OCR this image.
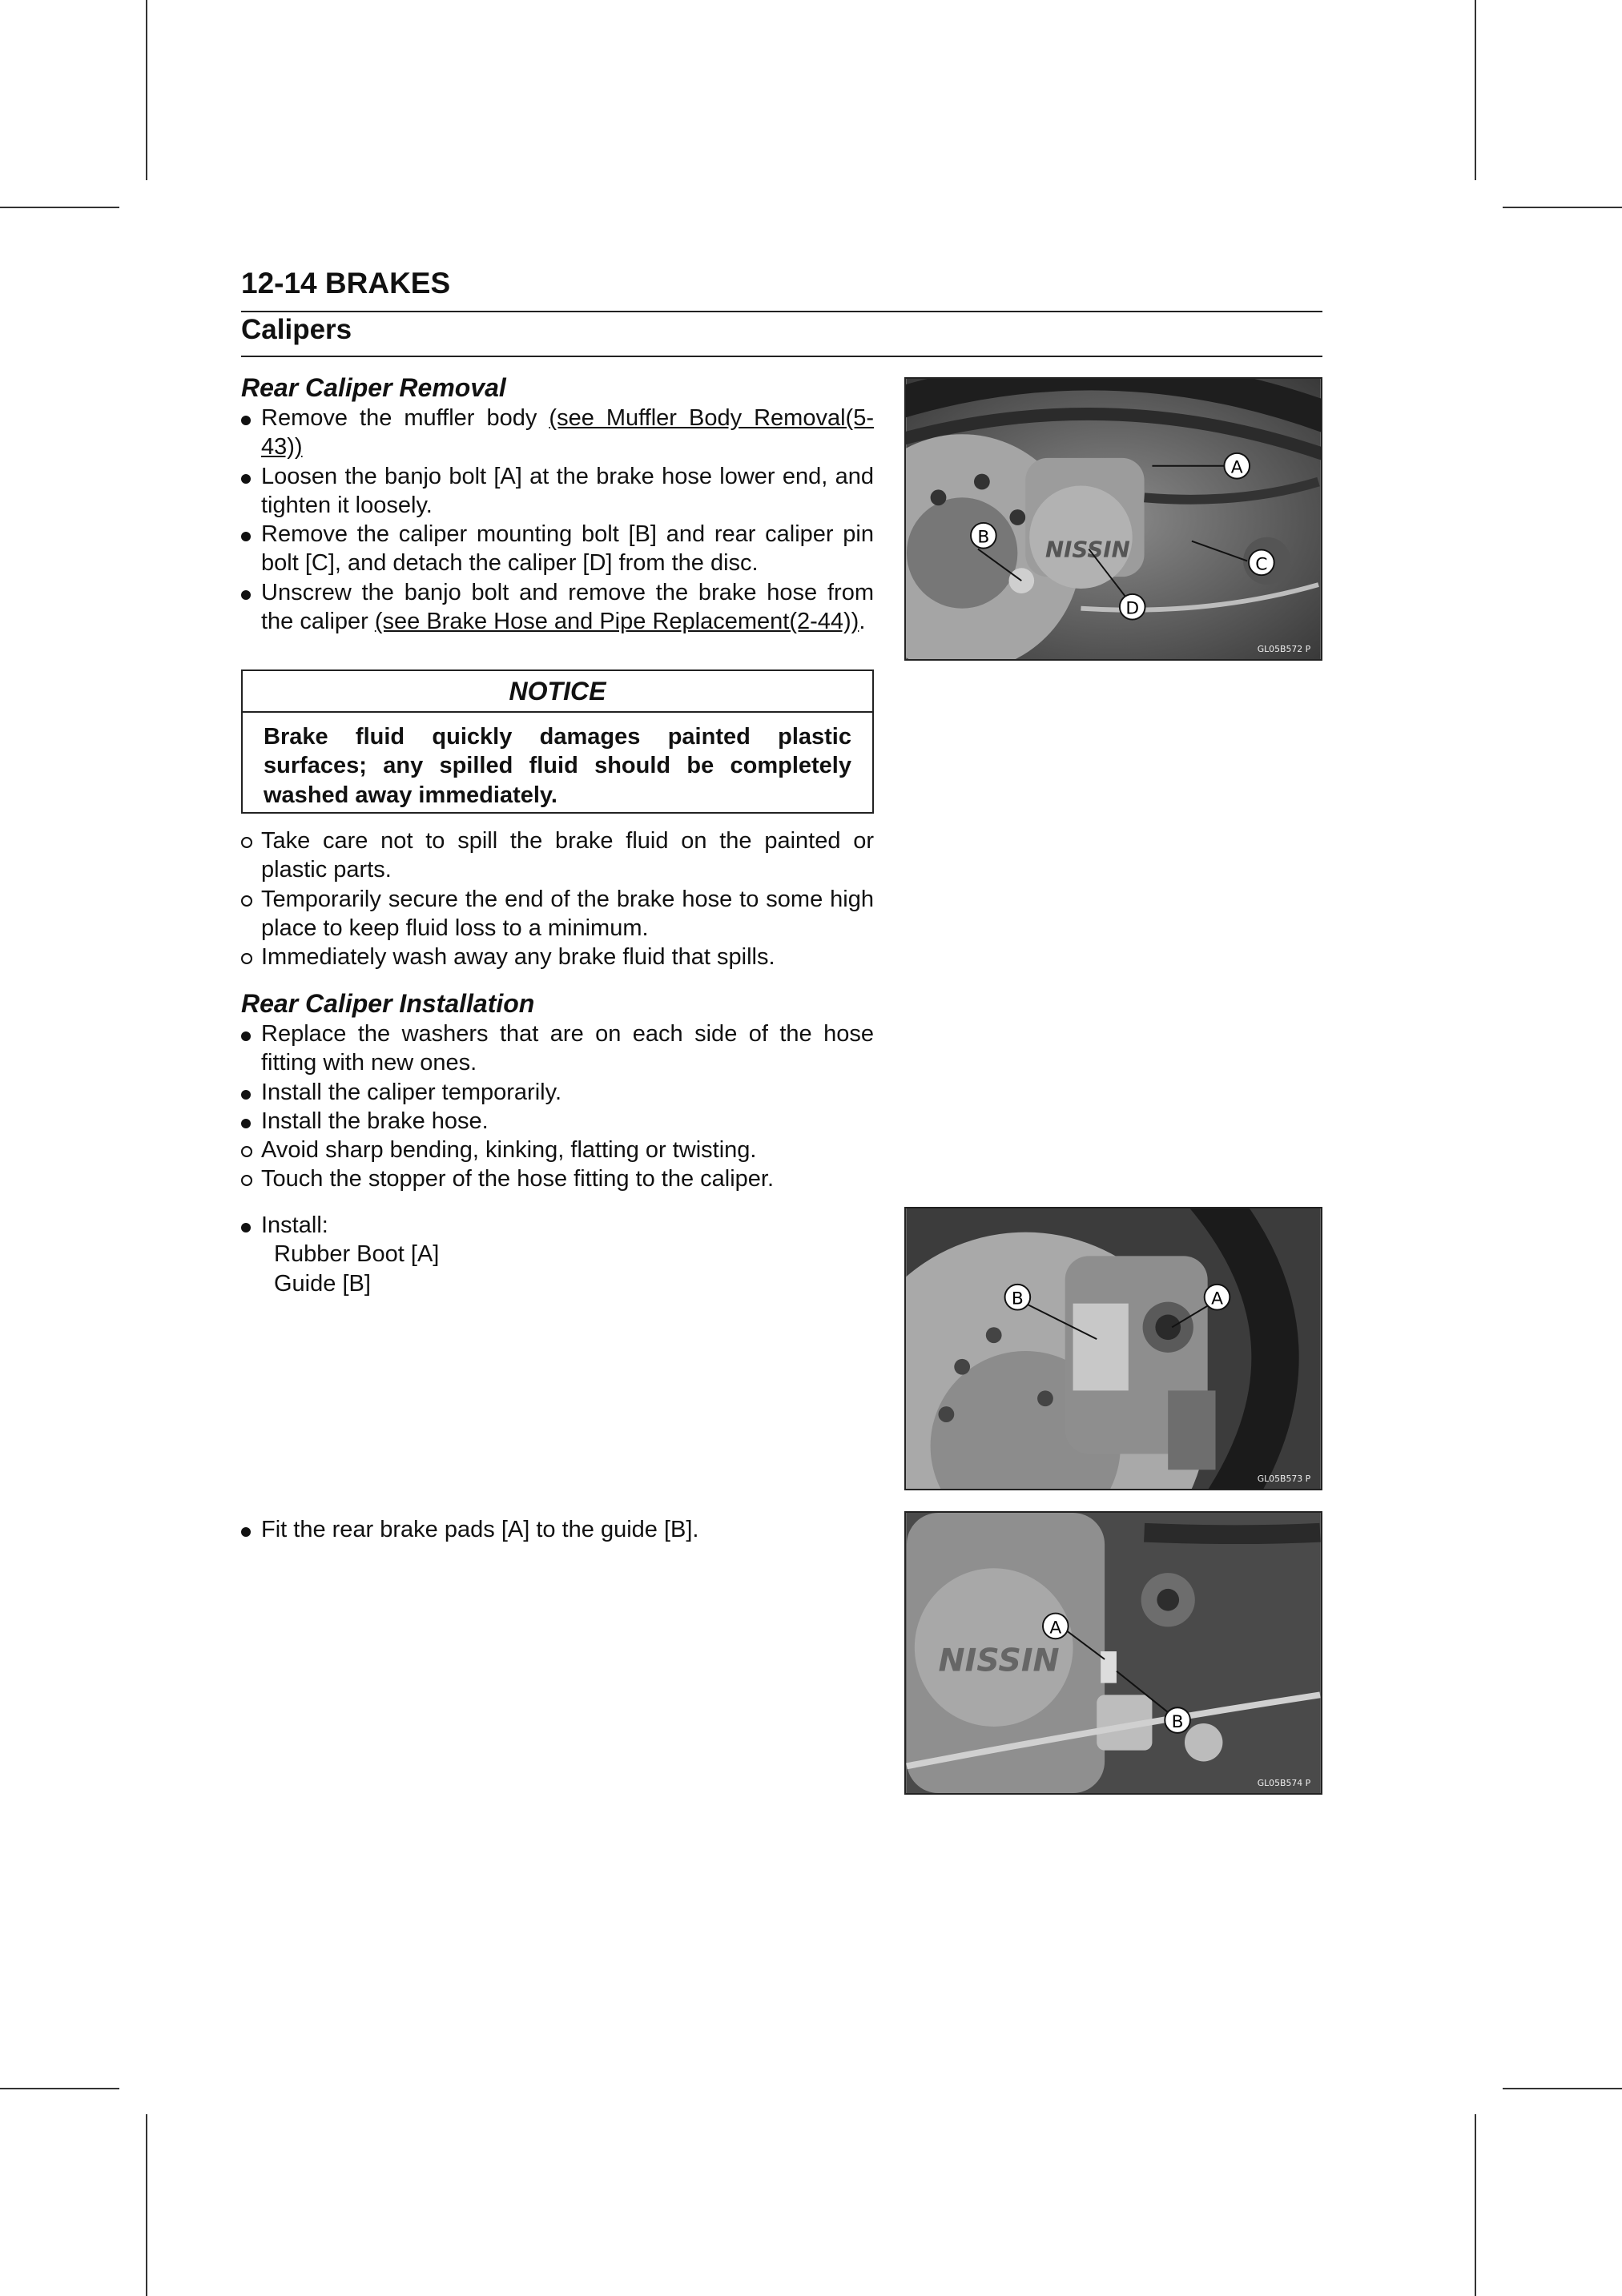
12-14 BRAKES
Calipers
Rear Caliper Removal
Remove the muffler body (see Muffler Body Removal(5-43))
Loosen the banjo bolt [A] at the brake hose lower end, and tighten it loosely.
Remove the caliper mounting bolt [B] and rear caliper pin bolt [C], and detach the caliper [D] from the disc.
Unscrew the banjo bolt and remove the brake hose from the caliper (see Brake Hose and Pipe Replacement(2-44)).
NOTICE
Brake fluid quickly damages painted plastic surfaces; any spilled fluid should be completely washed away immediately.
Take care not to spill the brake fluid on the painted or plastic parts.
Temporarily secure the end of the brake hose to some high place to keep fluid loss to a minimum.
Immediately wash away any brake fluid that spills.
Rear Caliper Installation
Replace the washers that are on each side of the hose fitting with new ones.
Install the caliper temporarily.
Install the brake hose.
Avoid sharp bending, kinking, flatting or twisting.
Touch the stopper of the hose fitting to the caliper.
Install:
Rubber Boot [A]
Guide [B]
Fit the rear brake pads [A] to the guide [B].
NISSIN
A
B
C
D
GL05B572 P
B	A
GL05B573 P
NISSIN
A
B
GL05B574 P
